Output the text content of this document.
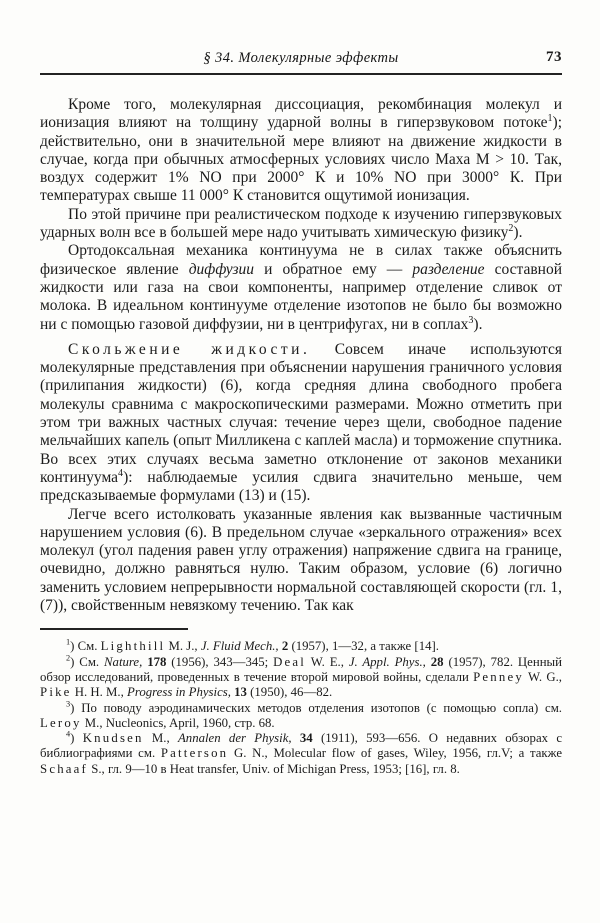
§ 34. Молекулярные эффекты	73

Кроме того, молекулярная диссоциация, рекомбинация молекул и ионизация влияют на толщину ударной волны в гиперзвуковом потоке$^1$); действительно, они в значительной мере влияют на движение жидкости в случае, когда при обычных атмосферных условиях число Маха М > 10. Так, воздух содержит 1% NO при 2000° К и 10% NO при 3000° К. При температурах свыше 11 000° К становится ощутимой ионизация.

По этой причине при реалистическом подходе к изучению гиперзвуковых ударных волн все в большей мере надо учитывать химическую физику$^2$).

Ортодоксальная механика континуума не в силах также объяснить физическое явление диффузии и обратное ему — разделение составной жидкости или газа на свои компоненты, например отделение сливок от молока. В идеальном континууме отделение изотопов не было бы возможно ни с помощью газовой диффузии, ни в центрифугах, ни в соплах$^3$).

Скольжение жидкости. Совсем иначе используются молекулярные представления при объяснении нарушения граничного условия (прилипания жидкости) (6), когда средняя длина свободного пробега молекулы сравнима с макроскопическими размерами. Можно отметить при этом три важных частных случая: течение через щели, свободное падение мельчайших капель (опыт Милликена с каплей масла) и торможение спутника. Во всех этих случаях весьма заметно отклонение от законов механики континуума$^4$): наблюдаемые усилия сдвига значительно меньше, чем предсказываемые формулами (13) и (15).

Легче всего истолковать указанные явления как вызванные частичным нарушением условия (6). В предельном случае «зеркального отражения» всех молекул (угол падения равен углу отражения) напряжение сдвига на границе, очевидно, должно равняться нулю. Таким образом, условие (6) логично заменить условием непрерывности нормальной составляющей скорости (гл. 1, (7)), свойственным невязкому течению. Так как

$^1$) См. Lighthill M. J., J. Fluid Mech., 2 (1957), 1—32, а также [14].

$^2$) См. Nature, 178 (1956), 343—345; Deal W. E., J. Appl. Phys., 28 (1957), 782. Ценный обзор исследований, проведенных в течение второй мировой войны, сделали Penney W. G., Pike H. H. M., Progress in Physics, 13 (1950), 46—82.

$^3$) По поводу аэродинамических методов отделения изотопов (с помощью сопла) см. Leroy M., Nucleonics, April, 1960, стр. 68.

$^4$) Knudsen M., Annalen der Physik, 34 (1911), 593—656. О недавних обзорах с библиографиями см. Patterson G. N., Molecular flow of gases, Wiley, 1956, гл.V; а также Schaaf S., гл. 9—10 в Heat transfer, Univ. of Michigan Press, 1953; [16], гл. 8.
